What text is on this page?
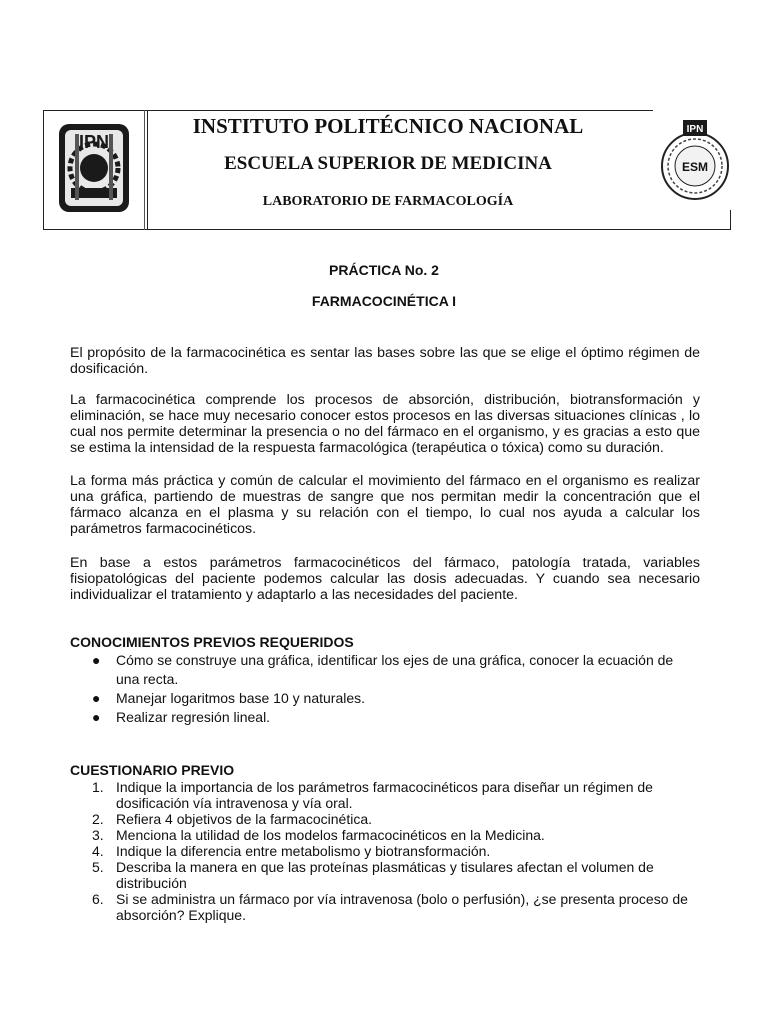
IPN
INSTITUTO POLITÉCNICO NACIONAL
ESCUELA SUPERIOR DE MEDICINA
LABORATORIO DE FARMACOLOGÍA
IPN
ESM
PRÁCTICA No. 2
FARMACOCINÉTICA I

El propósito de la farmacocinética es sentar las bases sobre las que se elige el óptimo régimen de dosificación.

La farmacocinética comprende los procesos de absorción, distribución, biotransformación y eliminación, se hace muy necesario conocer estos procesos en las diversas situaciones clínicas , lo cual nos permite determinar la presencia o no del fármaco en el organismo, y es gracias a esto que se estima la intensidad de la respuesta farmacológica (terapéutica o tóxica) como su duración.

La forma más práctica y común de calcular el movimiento del fármaco en el organismo es realizar una gráfica, partiendo de muestras de sangre que nos permitan medir la concentración que el fármaco alcanza en el plasma y su relación con el tiempo, lo cual nos ayuda a calcular los parámetros farmacocinéticos.

En base a estos parámetros farmacocinéticos del fármaco, patología tratada, variables fisiopatológicas del paciente podemos calcular las dosis adecuadas. Y cuando sea necesario individualizar el tratamiento y adaptarlo a las necesidades del paciente.

CONOCIMIENTOS PREVIOS REQUERIDOS
● Cómo se construye una gráfica, identificar los ejes de una gráfica, conocer la ecuación de una recta.
● Manejar logaritmos base 10 y naturales.
● Realizar regresión lineal.
CUESTIONARIO PREVIO
1. Indique la importancia de los parámetros farmacocinéticos para diseñar un régimen de dosificación vía intravenosa y vía oral.
2. Refiera 4 objetivos de la farmacocinética.
3. Menciona la utilidad de los modelos farmacocinéticos en la Medicina.
4. Indique la diferencia entre metabolismo y biotransformación.
5. Describa la manera en que las proteínas plasmáticas y tisulares afectan el volumen de distribución
6. Si se administra un fármaco por vía intravenosa (bolo o perfusión), ¿se presenta proceso de absorción? Explique.
